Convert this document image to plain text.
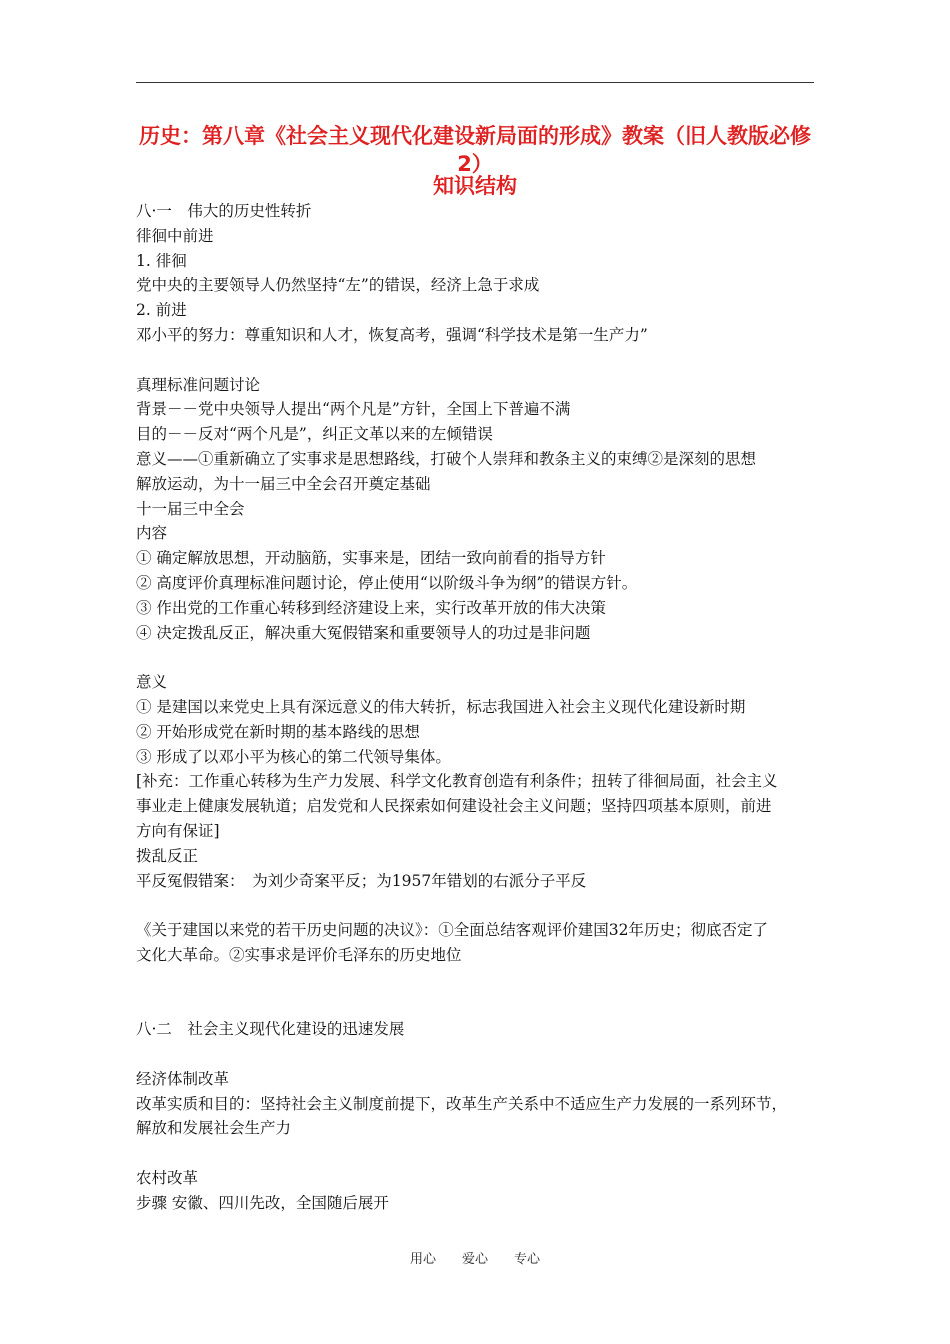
历史：第八章《社会主义现代化建设新局面的形成》教案（旧人教版必修2）
知识结构
八·一　伟大的历史性转折
徘徊中前进
1. 徘徊
党中央的主要领导人仍然坚持“左”的错误，经济上急于求成
2. 前进
邓小平的努力：尊重知识和人才，恢复高考，强调“科学技术是第一生产力”

真理标准问题讨论
背景－－党中央领导人提出“两个凡是”方针，全国上下普遍不满
目的－－反对“两个凡是”，纠正文革以来的左倾错误
意义——①重新确立了实事求是思想路线，打破个人崇拜和教条主义的束缚②是深刻的思想
解放运动，为十一届三中全会召开奠定基础
十一届三中全会
内容
① 确定解放思想，开动脑筋，实事来是，团结一致向前看的指导方针
② 高度评价真理标准问题讨论，停止使用“以阶级斗争为纲”的错误方针。
③ 作出党的工作重心转移到经济建设上来，实行改革开放的伟大决策
④ 决定拨乱反正，解决重大冤假错案和重要领导人的功过是非问题

意义
① 是建国以来党史上具有深远意义的伟大转折，标志我国进入社会主义现代化建设新时期
② 开始形成党在新时期的基本路线的思想
③ 形成了以邓小平为核心的第二代领导集体。
[补充：工作重心转移为生产力发展、科学文化教育创造有利条件；扭转了徘徊局面，社会主义
事业走上健康发展轨道；启发党和人民探索如何建设社会主义问题；坚持四项基本原则，前进
方向有保证]
拨乱反正
平反冤假错案：　为刘少奇案平反；为1957年错划的右派分子平反

《关于建国以来党的若干历史问题的决议》：①全面总结客观评价建国32年历史；彻底否定了
文化大革命。②实事求是评价毛泽东的历史地位

八·二　社会主义现代化建设的迅速发展

经济体制改革
改革实质和目的：坚持社会主义制度前提下，改革生产关系中不适应生产力发展的一系列环节，
解放和发展社会生产力

农村改革
步骤 安徽、四川先改，全国随后展开
用心　　爱心　　专心
